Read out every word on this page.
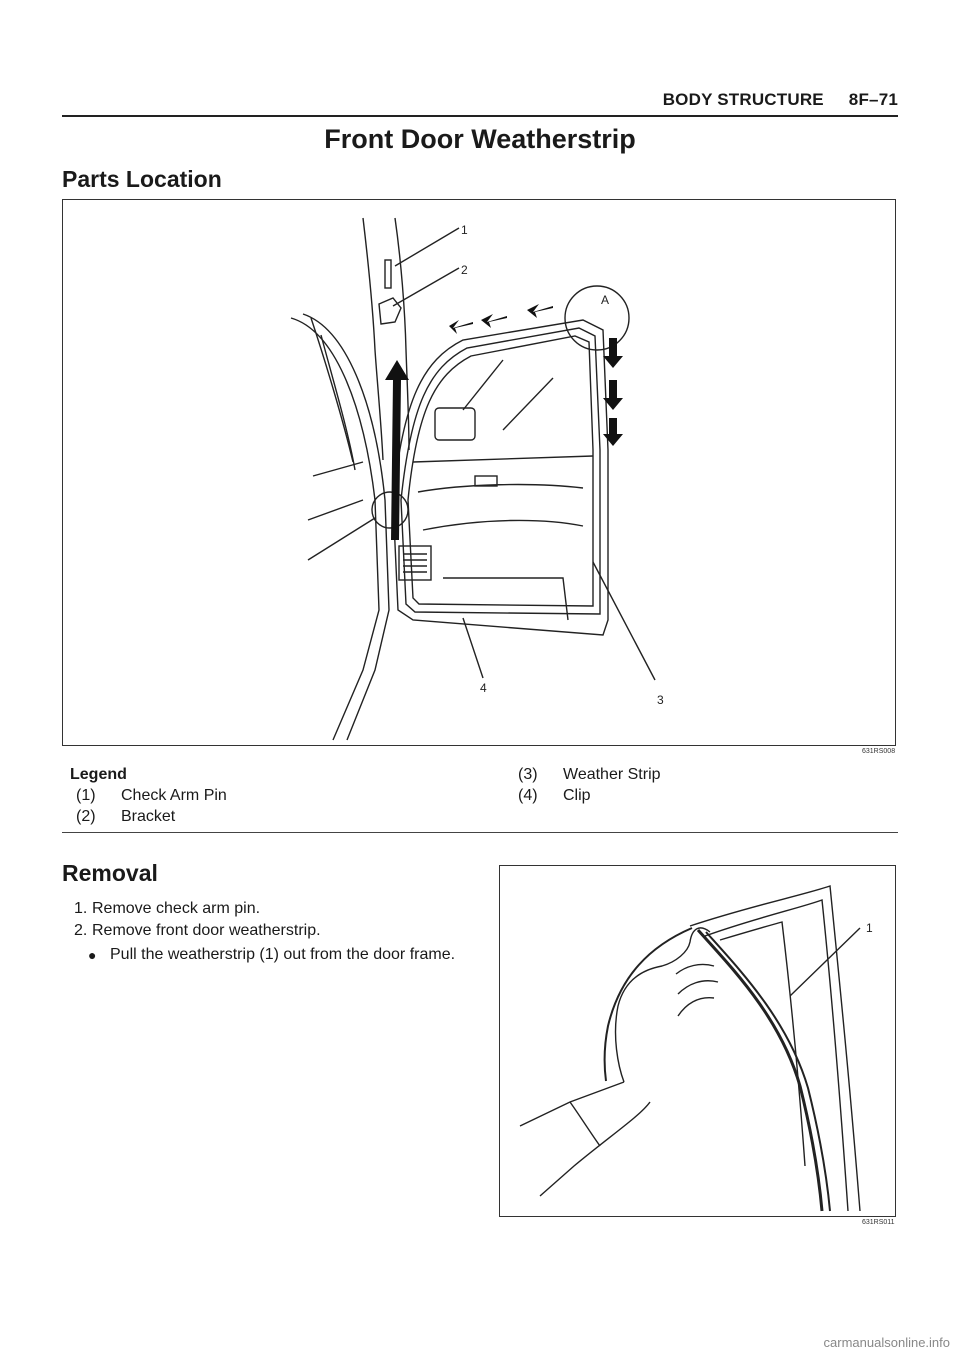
BODY STRUCTURE 8F–71
Front Door Weatherstrip
Parts Location
1
2
A
3
4
631RS008
Legend
(1)	Check Arm Pin
(2)	Bracket
(3)	Weather Strip
(4)	Clip
Removal
1. Remove check arm pin.
2. Remove front door weatherstrip.
● Pull the weatherstrip (1) out from the door frame.
1
631RS011
carmanualsonline.info
